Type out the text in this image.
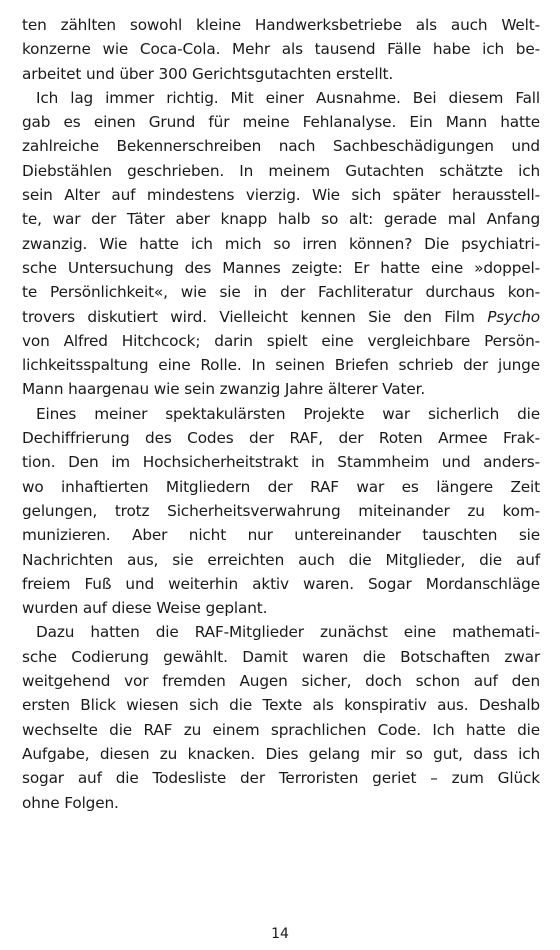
ten zählten sowohl kleine Handwerksbetriebe als auch Welt-
konzerne wie Coca-Cola. Mehr als tausend Fälle habe ich be-
arbeitet und über 300 Gerichtsgutachten erstellt.
Ich lag immer richtig. Mit einer Ausnahme. Bei diesem Fall
gab es einen Grund für meine Fehlanalyse. Ein Mann hatte
zahlreiche Bekennerschreiben nach Sachbeschädigungen und
Diebstählen geschrieben. In meinem Gutachten schätzte ich
sein Alter auf mindestens vierzig. Wie sich später herausstell-
te, war der Täter aber knapp halb so alt: gerade mal Anfang
zwanzig. Wie hatte ich mich so irren können? Die psychiatri-
sche Untersuchung des Mannes zeigte: Er hatte eine »doppel-
te Persönlichkeit«, wie sie in der Fachliteratur durchaus kon-
trovers diskutiert wird. Vielleicht kennen Sie den Film Psycho
von Alfred Hitchcock; darin spielt eine vergleichbare Persön-
lichkeitsspaltung eine Rolle. In seinen Briefen schrieb der junge
Mann haargenau wie sein zwanzig Jahre älterer Vater.
Eines meiner spektakulärsten Projekte war sicherlich die
Dechiffrierung des Codes der RAF, der Roten Armee Frak-
tion. Den im Hochsicherheitstrakt in Stammheim und anders-
wo inhaftierten Mitgliedern der RAF war es längere Zeit
gelungen, trotz Sicherheitsverwahrung miteinander zu kom-
munizieren. Aber nicht nur untereinander tauschten sie
Nachrichten aus, sie erreichten auch die Mitglieder, die auf
freiem Fuß und weiterhin aktiv waren. Sogar Mordanschläge
wurden auf diese Weise geplant.
Dazu hatten die RAF-Mitglieder zunächst eine mathemati-
sche Codierung gewählt. Damit waren die Botschaften zwar
weitgehend vor fremden Augen sicher, doch schon auf den
ersten Blick wiesen sich die Texte als konspirativ aus. Deshalb
wechselte die RAF zu einem sprachlichen Code. Ich hatte die
Aufgabe, diesen zu knacken. Dies gelang mir so gut, dass ich
sogar auf die Todesliste der Terroristen geriet – zum Glück
ohne Folgen.
14
